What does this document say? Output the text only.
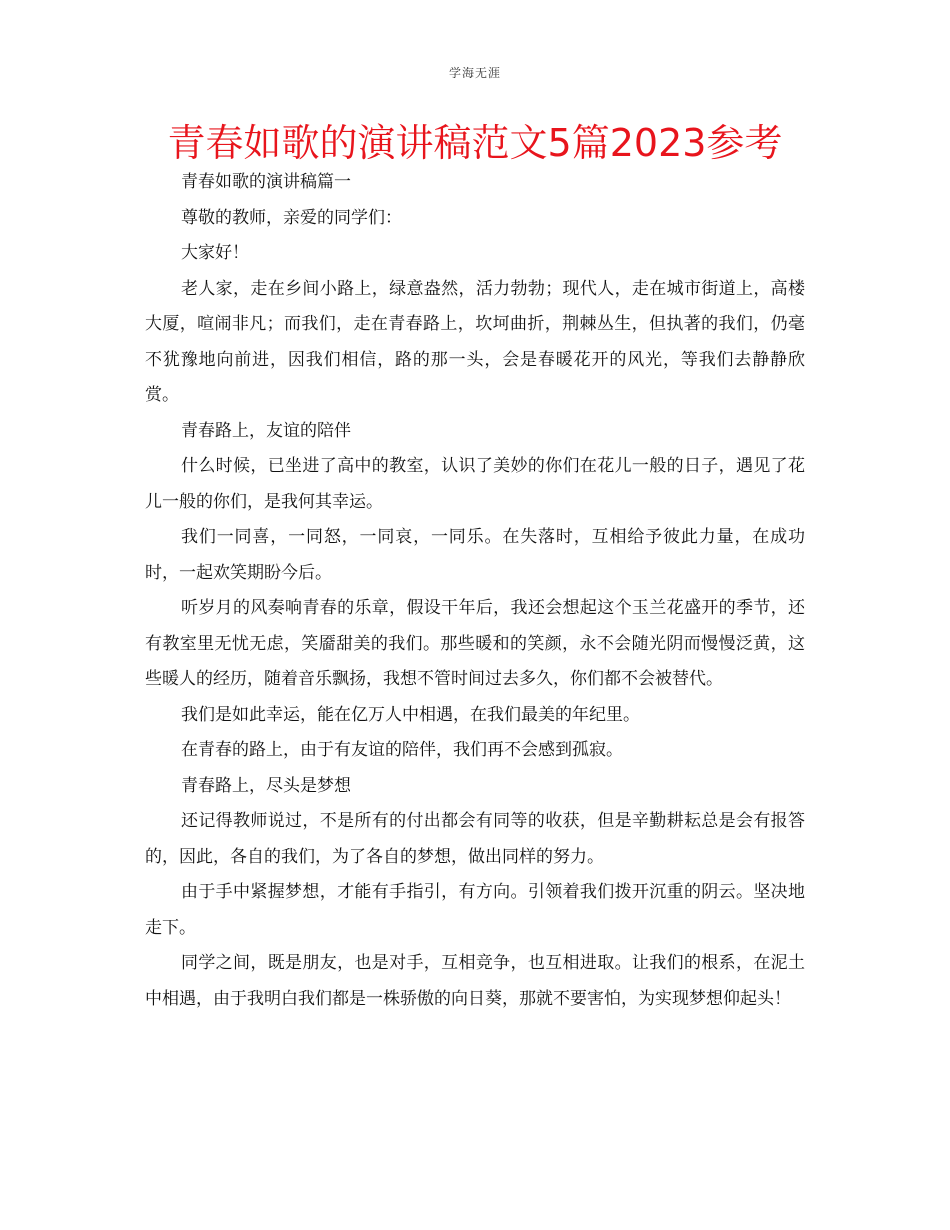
学海无涯
青春如歌的演讲稿范文5篇2023参考

青春如歌的演讲稿篇一

尊敬的教师，亲爱的同学们：

大家好！

老人家，走在乡间小路上，绿意盎然，活力勃勃；现代人，走在城市街道上，高楼大厦，喧闹非凡；而我们，走在青春路上，坎坷曲折，荆棘丛生，但执著的我们，仍毫不犹豫地向前进，因我们相信，路的那一头，会是春暖花开的风光，等我们去静静欣赏。

青春路上，友谊的陪伴

什么时候，已坐进了高中的教室，认识了美妙的你们在花儿一般的日子，遇见了花儿一般的你们，是我何其幸运。

我们一同喜，一同怒，一同哀，一同乐。在失落时，互相给予彼此力量，在成功时，一起欢笑期盼今后。

听岁月的风奏响青春的乐章，假设干年后，我还会想起这个玉兰花盛开的季节，还有教室里无忧无虑，笑靥甜美的我们。那些暖和的笑颜，永不会随光阴而慢慢泛黄，这些暖人的经历，随着音乐飘扬，我想不管时间过去多久，你们都不会被替代。

我们是如此幸运，能在亿万人中相遇，在我们最美的年纪里。

在青春的路上，由于有友谊的陪伴，我们再不会感到孤寂。

青春路上，尽头是梦想

还记得教师说过，不是所有的付出都会有同等的收获，但是辛勤耕耘总是会有报答的，因此，各自的我们，为了各自的梦想，做出同样的努力。

由于手中紧握梦想，才能有手指引，有方向。引领着我们拨开沉重的阴云。坚决地走下。

同学之间，既是朋友，也是对手，互相竞争，也互相进取。让我们的根系，在泥土中相遇，由于我明白我们都是一株骄傲的向日葵，那就不要害怕，为实现梦想仰起头！
